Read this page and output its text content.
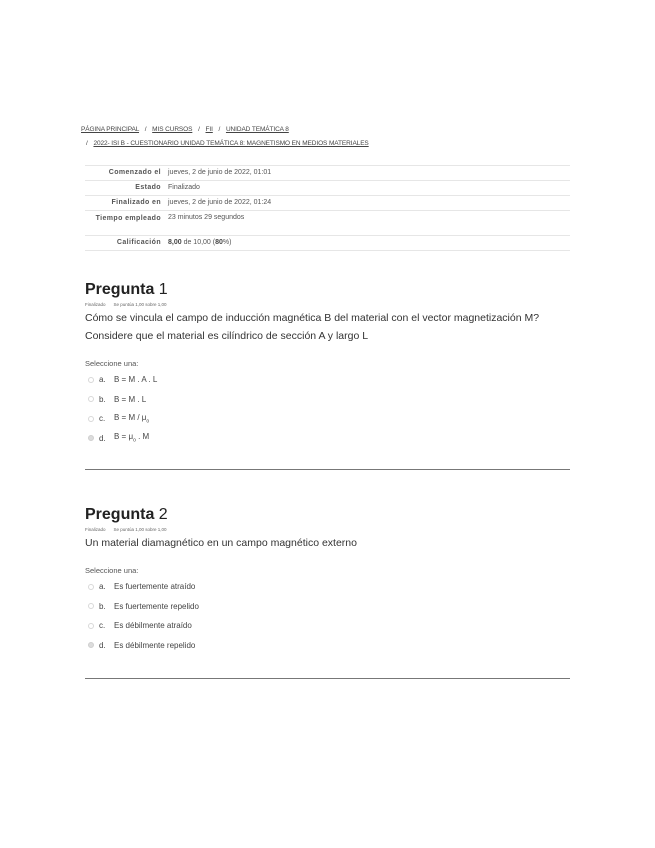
PÁGINA PRINCIPAL / MIS CURSOS / FII / UNIDAD TEMÁTICA 8
/ 2022- ISI B - CUESTIONARIO UNIDAD TEMÁTICA 8: MAGNETISMO EN MEDIOS MATERIALES
Comenzado el	jueves, 2 de junio de 2022, 01:01
Estado	Finalizado
Finalizado en	jueves, 2 de junio de 2022, 01:24
Tiempo empleado	23 minutos 29 segundos
Calificación	8,00 de 10,00 (80%)
Pregunta 1
Finalizado Se puntúa 1,00 sobre 1,00
Cómo se vincula el campo de inducción magnética B del material con el vector magnetización M? Considere que el material es cilíndrico de sección A y largo L
Seleccione una:
a.	B = M . A . L
b.	B = M . L
c.	$B = M / \mu_o$
d.	$B = \mu_o$ . M
Pregunta 2
Finalizado Se puntúa 1,00 sobre 1,00
Un material diamagnético en un campo magnético externo
Seleccione una:
a.	Es fuertemente atraído
b.	Es fuertemente repelido
c.	Es débilmente atraído
d.	Es débilmente repelido
